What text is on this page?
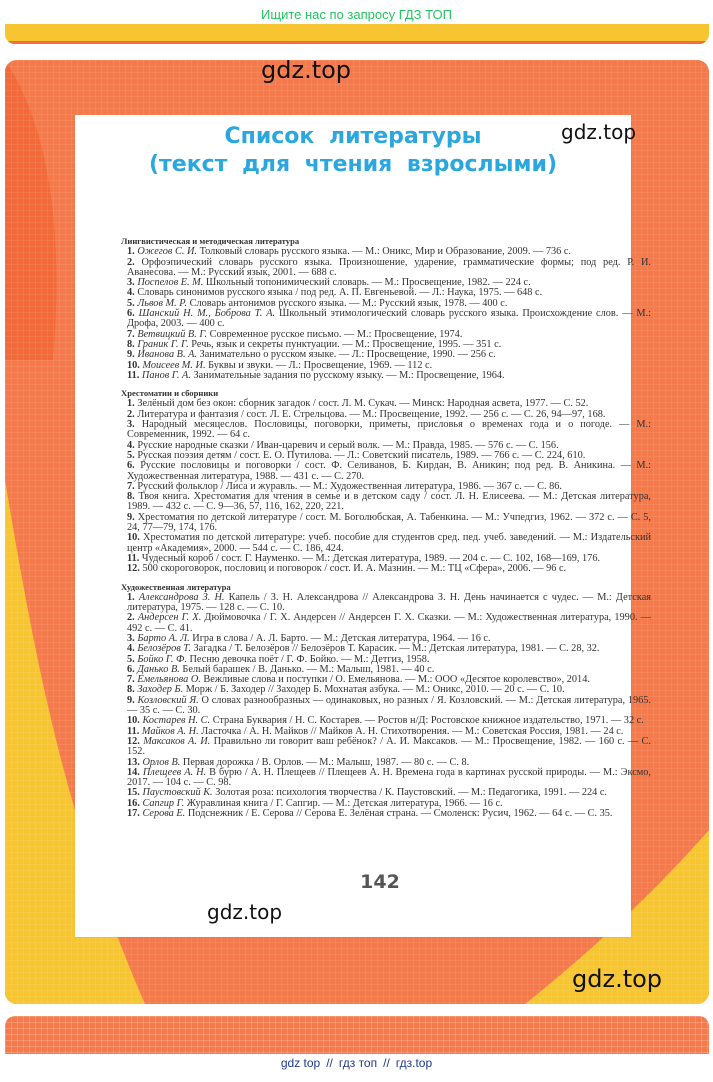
Ищите нас по запросу ГДЗ ТОП
gdz.top
Список литературы
(текст для чтения взрослыми)
gdz.top
Лингвистическая и методическая литература
1. Ожегов С. И. Толковый словарь русского языка. — М.: Оникс, Мир и Образование, 2009. — 736 с.
2. Орфоэпический словарь русского языка. Произношение, ударение, грамматические формы; под ред. Р. И. Аванесова. — М.: Русский язык, 2001. — 688 с.
3. Поспелов Е. М. Школьный топонимический словарь. — М.: Просвещение, 1982. — 224 с.
4. Словарь синонимов русского языка / под ред. А. П. Евгеньевой. — Л.: Наука, 1975. — 648 с.
5. Львов М. Р. Словарь антонимов русского языка. — М.: Русский язык, 1978. — 400 с.
6. Шанский Н. М., Боброва Т. А. Школьный этимологический словарь русского языка. Происхождение слов. — М.: Дрофа, 2003. — 400 с.
7. Ветвицкий В. Г. Современное русское письмо. — М.: Просвещение, 1974.
8. Граник Г. Г. Речь, язык и секреты пунктуации. — М.: Просвещение, 1995. — 351 с.
9. Иванова В. А. Занимательно о русском языке. — Л.: Просвещение, 1990. — 256 с.
10. Моисеев М. И. Буквы и звуки. — Л.: Просвещение, 1969. — 112 с.
11. Панов Г. А. Занимательные задания по русскому языку. — М.: Просвещение, 1964.
Хрестоматии и сборники
1. Зелёный дом без окон: сборник загадок / сост. Л. М. Сукач. — Минск: Народная асвета, 1977. — С. 52.
2. Литература и фантазия / сост. Л. Е. Стрельцова. — М.: Просвещение, 1992. — 256 с. — С. 26, 94—97, 168.
3. Народный месяцеслов. Пословицы, поговорки, приметы, присловья о временах года и о погоде. — М.: Современник, 1992. — 64 с.
4. Русские народные сказки / Иван-царевич и серый волк. — М.: Правда, 1985. — 576 с. — С. 156.
5. Русская поэзия детям / сост. Е. О. Путилова. — Л.: Советский писатель, 1989. — 766 с. — С. 224, 610.
6. Русские пословицы и поговорки / сост. Ф. Селиванов, Б. Кирдан, В. Аникин; под ред. В. Аникина. — М.: Художественная литература, 1988. — 431 с. — С. 270.
7. Русский фольклор / Лиса и журавль. — М.: Художественная литература, 1986. — 367 с. — С. 86.
8. Твоя книга. Хрестоматия для чтения в семье и в детском саду / сост. Л. Н. Елисеева. — М.: Детская литература, 1989. — 432 с. — С. 9—36, 57, 116, 162, 220, 221.
9. Хрестоматия по детской литературе / сост. М. Боголюбская, А. Табенкина. — М.: Учпедгиз, 1962. — 372 с. — С. 5, 24, 77—79, 174, 176.
10. Хрестоматия по детской литературе: учеб. пособие для студентов сред. пед. учеб. заведений. — М.: Издательский центр «Академия», 2000. — 544 с. — С. 186, 424.
11. Чудесный короб / сост. Г. Науменко. — М.: Детская литература, 1989. — 204 с. — С. 102, 168—169, 176.
12. 500 скороговорок, пословиц и поговорок / сост. И. А. Мазнин. — М.: ТЦ «Сфера», 2006. — 96 с.
Художественная литература
1. Александрова З. Н. Капель / З. Н. Александрова // Александрова З. Н. День начинается с чудес. — М.: Детская литература, 1975. — 128 с. — С. 10.
2. Андерсен Г. Х. Дюймовочка / Г. Х. Андерсен // Андерсен Г. Х. Сказки. — М.: Художественная литература, 1990. — 492 с. — С. 41.
3. Барто А. Л. Игра в слова / А. Л. Барто. — М.: Детская литература, 1964. — 16 с.
4. Белозёров Т. Загадка / Т. Белозёров // Белозёров Т. Карасик. — М.: Детская литература, 1981. — С. 28, 32.
5. Бойко Г. Ф. Песню девочка поёт / Г. Ф. Бойко. — М.: Детгиз, 1958.
6. Данько В. Белый барашек / В. Данько. — М.: Малыш, 1981. — 40 с.
7. Емельянова О. Вежливые слова и поступки / О. Емельянова. — М.: ООО «Десятое королевство», 2014.
8. Заходер Б. Морж / Б. Заходер // Заходер Б. Мохнатая азбука. — М.: Оникс, 2010. — 20 с. — С. 10.
9. Козловский Я. О словах разнообразных — одинаковых, но разных / Я. Козловский. — М.: Детская литература, 1965. — 35 с. — С. 30.
10. Костарев Н. С. Страна Буквария / Н. С. Костарев. — Ростов н/Д: Ростовское книжное издательство, 1971. — 32 с.
11. Майков А. Н. Ласточка / А. Н. Майков // Майков А. Н. Стихотворения. — М.: Советская Россия, 1981. — 24 с.
12. Максаков А. И. Правильно ли говорит ваш ребёнок? / А. И. Максаков. — М.: Просвещение, 1982. — 160 с. — С. 152.
13. Орлов В. Первая дорожка / В. Орлов. — М.: Малыш, 1987. — 80 с. — С. 8.
14. Плещеев А. Н. В бурю / А. Н. Плещеев // Плещеев А. Н. Времена года в картинах русской природы. — М.: Эксмо, 2017. — 104 с. — С. 98.
15. Паустовский К. Золотая роза: психология творчества / К. Паустовский. — М.: Педагогика, 1991. — 224 с.
16. Сапгир Г. Журавлиная книга / Г. Сапгир. — М.: Детская литература, 1966. — 16 с.
17. Серова Е. Подснежник / Е. Серова // Серова Е. Зелёная страна. — Смоленск: Русич, 1962. — 64 с. — С. 35.
gdz.top
gdz.top
142
gdz top // гдз топ // гдз.top
